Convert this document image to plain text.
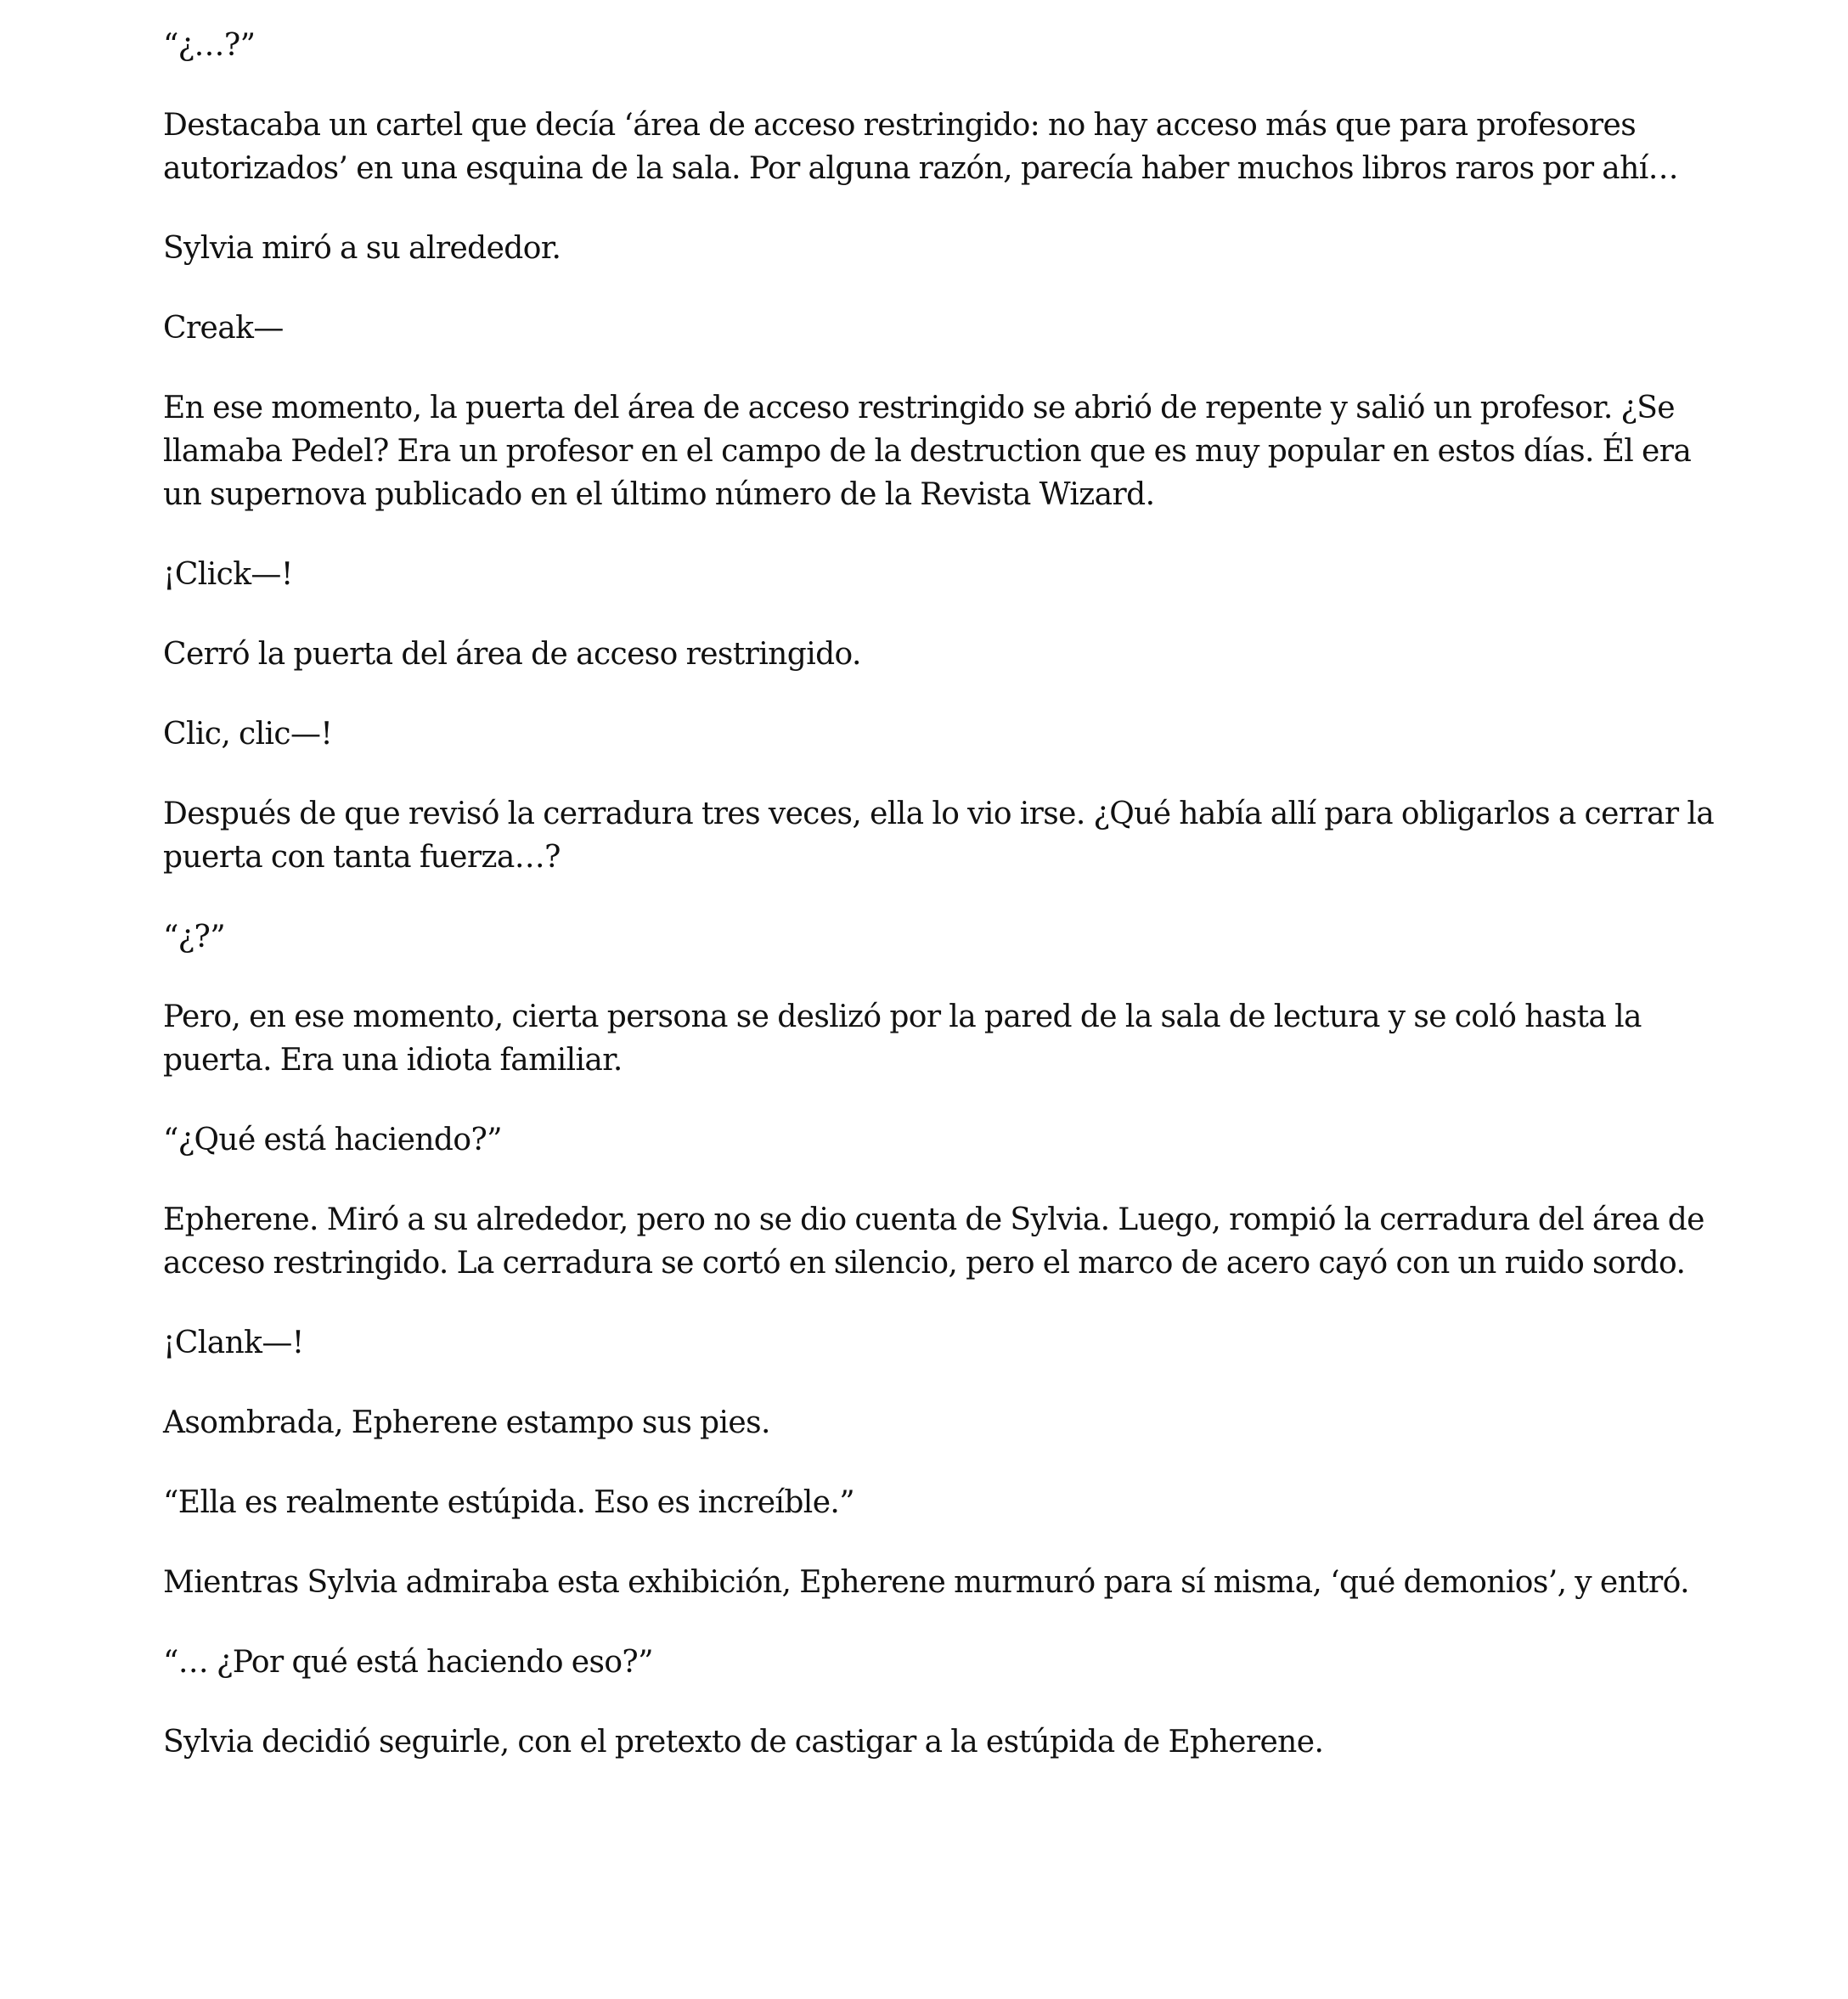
“¿…?”

Destacaba un cartel que decía ‘área de acceso restringido: no hay acceso más que para profesores autorizados’ en una esquina de la sala. Por alguna razón, parecía haber muchos libros raros por ahí…

Sylvia miró a su alrededor.

Creak—

En ese momento, la puerta del área de acceso restringido se abrió de repente y salió un profesor. ¿Se llamaba Pedel? Era un profesor en el campo de la destruction que es muy popular en estos días. Él era un supernova publicado en el último número de la Revista Wizard.

¡Click—!

Cerró la puerta del área de acceso restringido.

Clic, clic—!

Después de que revisó la cerradura tres veces, ella lo vio irse. ¿Qué había allí para obligarlos a cerrar la puerta con tanta fuerza…?

“¿?”

Pero, en ese momento, cierta persona se deslizó por la pared de la sala de lectura y se coló hasta la puerta. Era una idiota familiar.

“¿Qué está haciendo?”

Epherene. Miró a su alrededor, pero no se dio cuenta de Sylvia. Luego, rompió la cerradura del área de acceso restringido. La cerradura se cortó en silencio, pero el marco de acero cayó con un ruido sordo.

¡Clank—!

Asombrada, Epherene estampo sus pies.

“Ella es realmente estúpida. Eso es increíble.”

Mientras Sylvia admiraba esta exhibición, Epherene murmuró para sí misma, ‘qué demonios’, y entró.

“… ¿Por qué está haciendo eso?”

Sylvia decidió seguirle, con el pretexto de castigar a la estúpida de Epherene.
